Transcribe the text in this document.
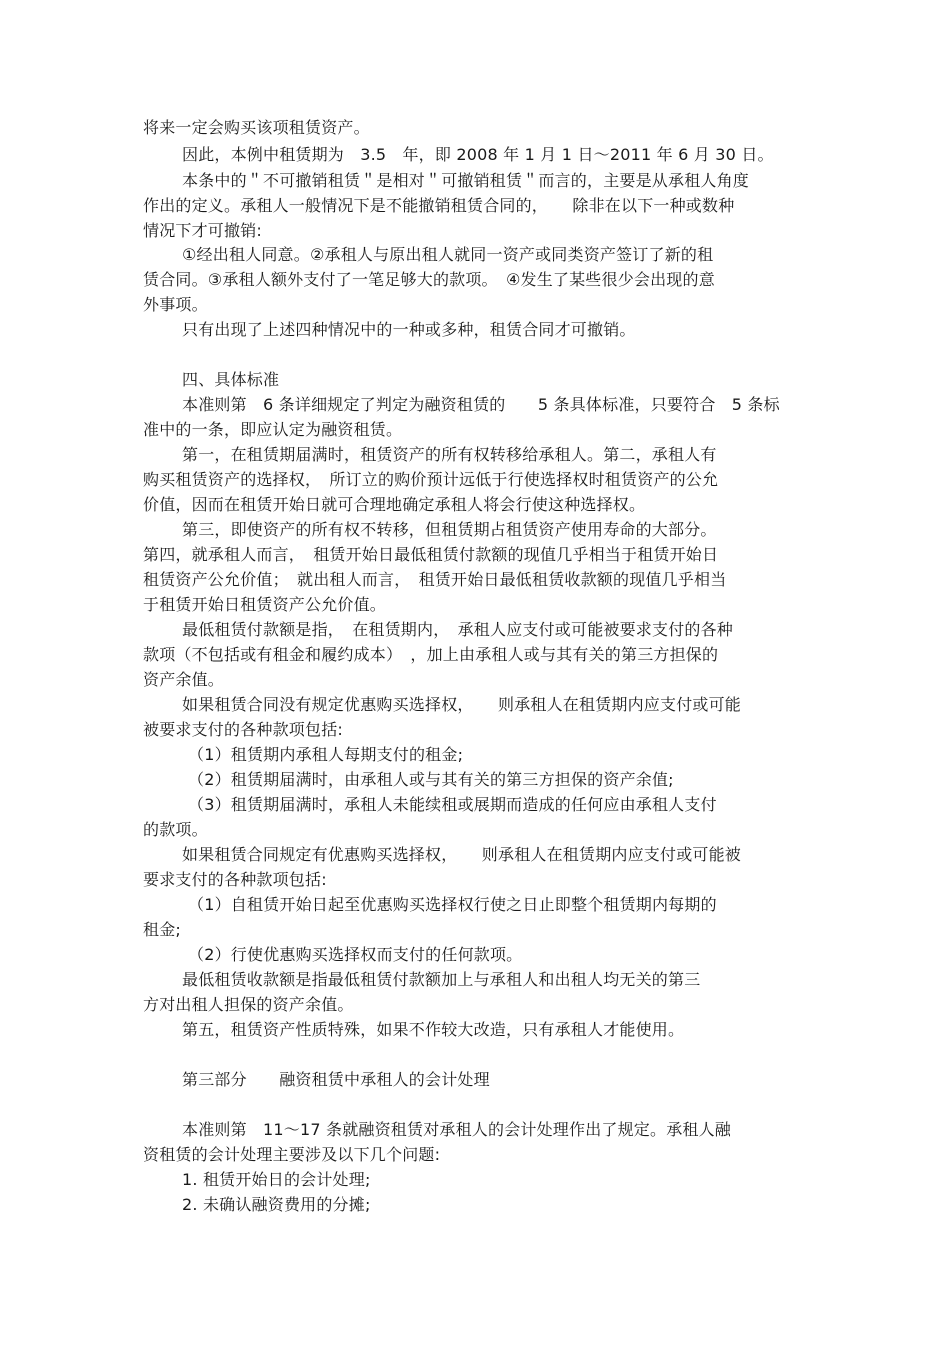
将来一定会购买该项租赁资产。
因此，本例中租赁期为　3.5　年，即 2008 年 1 月 1 日～2011 年 6 月 30 日。
本条中的＂不可撤销租赁＂是相对＂可撤销租赁＂而言的，主要是从承租人角度
作出的定义。承租人一般情况下是不能撤销租赁合同的，　　除非在以下一种或数种
情况下才可撤销:
①经出租人同意。②承租人与原出租人就同一资产或同类资产签订了新的租
赁合同。③承租人额外支付了一笔足够大的款项。　④发生了某些很少会出现的意
外事项。
只有出现了上述四种情况中的一种或多种，租赁合同才可撤销。
四、具体标准
本准则第　6 条详细规定了判定为融资租赁的　　5 条具体标准，只要符合　5 条标
准中的一条，即应认定为融资租赁。
第一，在租赁期届满时，租赁资产的所有权转移给承租人。第二，承租人有
购买租赁资产的选择权，　所订立的购价预计远低于行使选择权时租赁资产的公允
价值，因而在租赁开始日就可合理地确定承租人将会行使这种选择权。
第三，即使资产的所有权不转移，但租赁期占租赁资产使用寿命的大部分。
第四，就承租人而言，　租赁开始日最低租赁付款额的现值几乎相当于租赁开始日
租赁资产公允价值；　就出租人而言，　租赁开始日最低租赁收款额的现值几乎相当
于租赁开始日租赁资产公允价值。
最低租赁付款额是指，　在租赁期内，　承租人应支付或可能被要求支付的各种
款项（不包括或有租金和履约成本）　，加上由承租人或与其有关的第三方担保的
资产余值。
如果租赁合同没有规定优惠购买选择权，　　则承租人在租赁期内应支付或可能
被要求支付的各种款项包括:
（1）租赁期内承租人每期支付的租金;
（2）租赁期届满时，由承租人或与其有关的第三方担保的资产余值;
（3）租赁期届满时，承租人未能续租或展期而造成的任何应由承租人支付
的款项。
如果租赁合同规定有优惠购买选择权，　　则承租人在租赁期内应支付或可能被
要求支付的各种款项包括:
（1）自租赁开始日起至优惠购买选择权行使之日止即整个租赁期内每期的
租金;
（2）行使优惠购买选择权而支付的任何款项。
最低租赁收款额是指最低租赁付款额加上与承租人和出租人均无关的第三
方对出租人担保的资产余值。
第五，租赁资产性质特殊，如果不作较大改造，只有承租人才能使用。
第三部分　　融资租赁中承租人的会计处理
本准则第　11～17 条就融资租赁对承租人的会计处理作出了规定。承租人融
资租赁的会计处理主要涉及以下几个问题:
1. 租赁开始日的会计处理;
2. 未确认融资费用的分摊;
